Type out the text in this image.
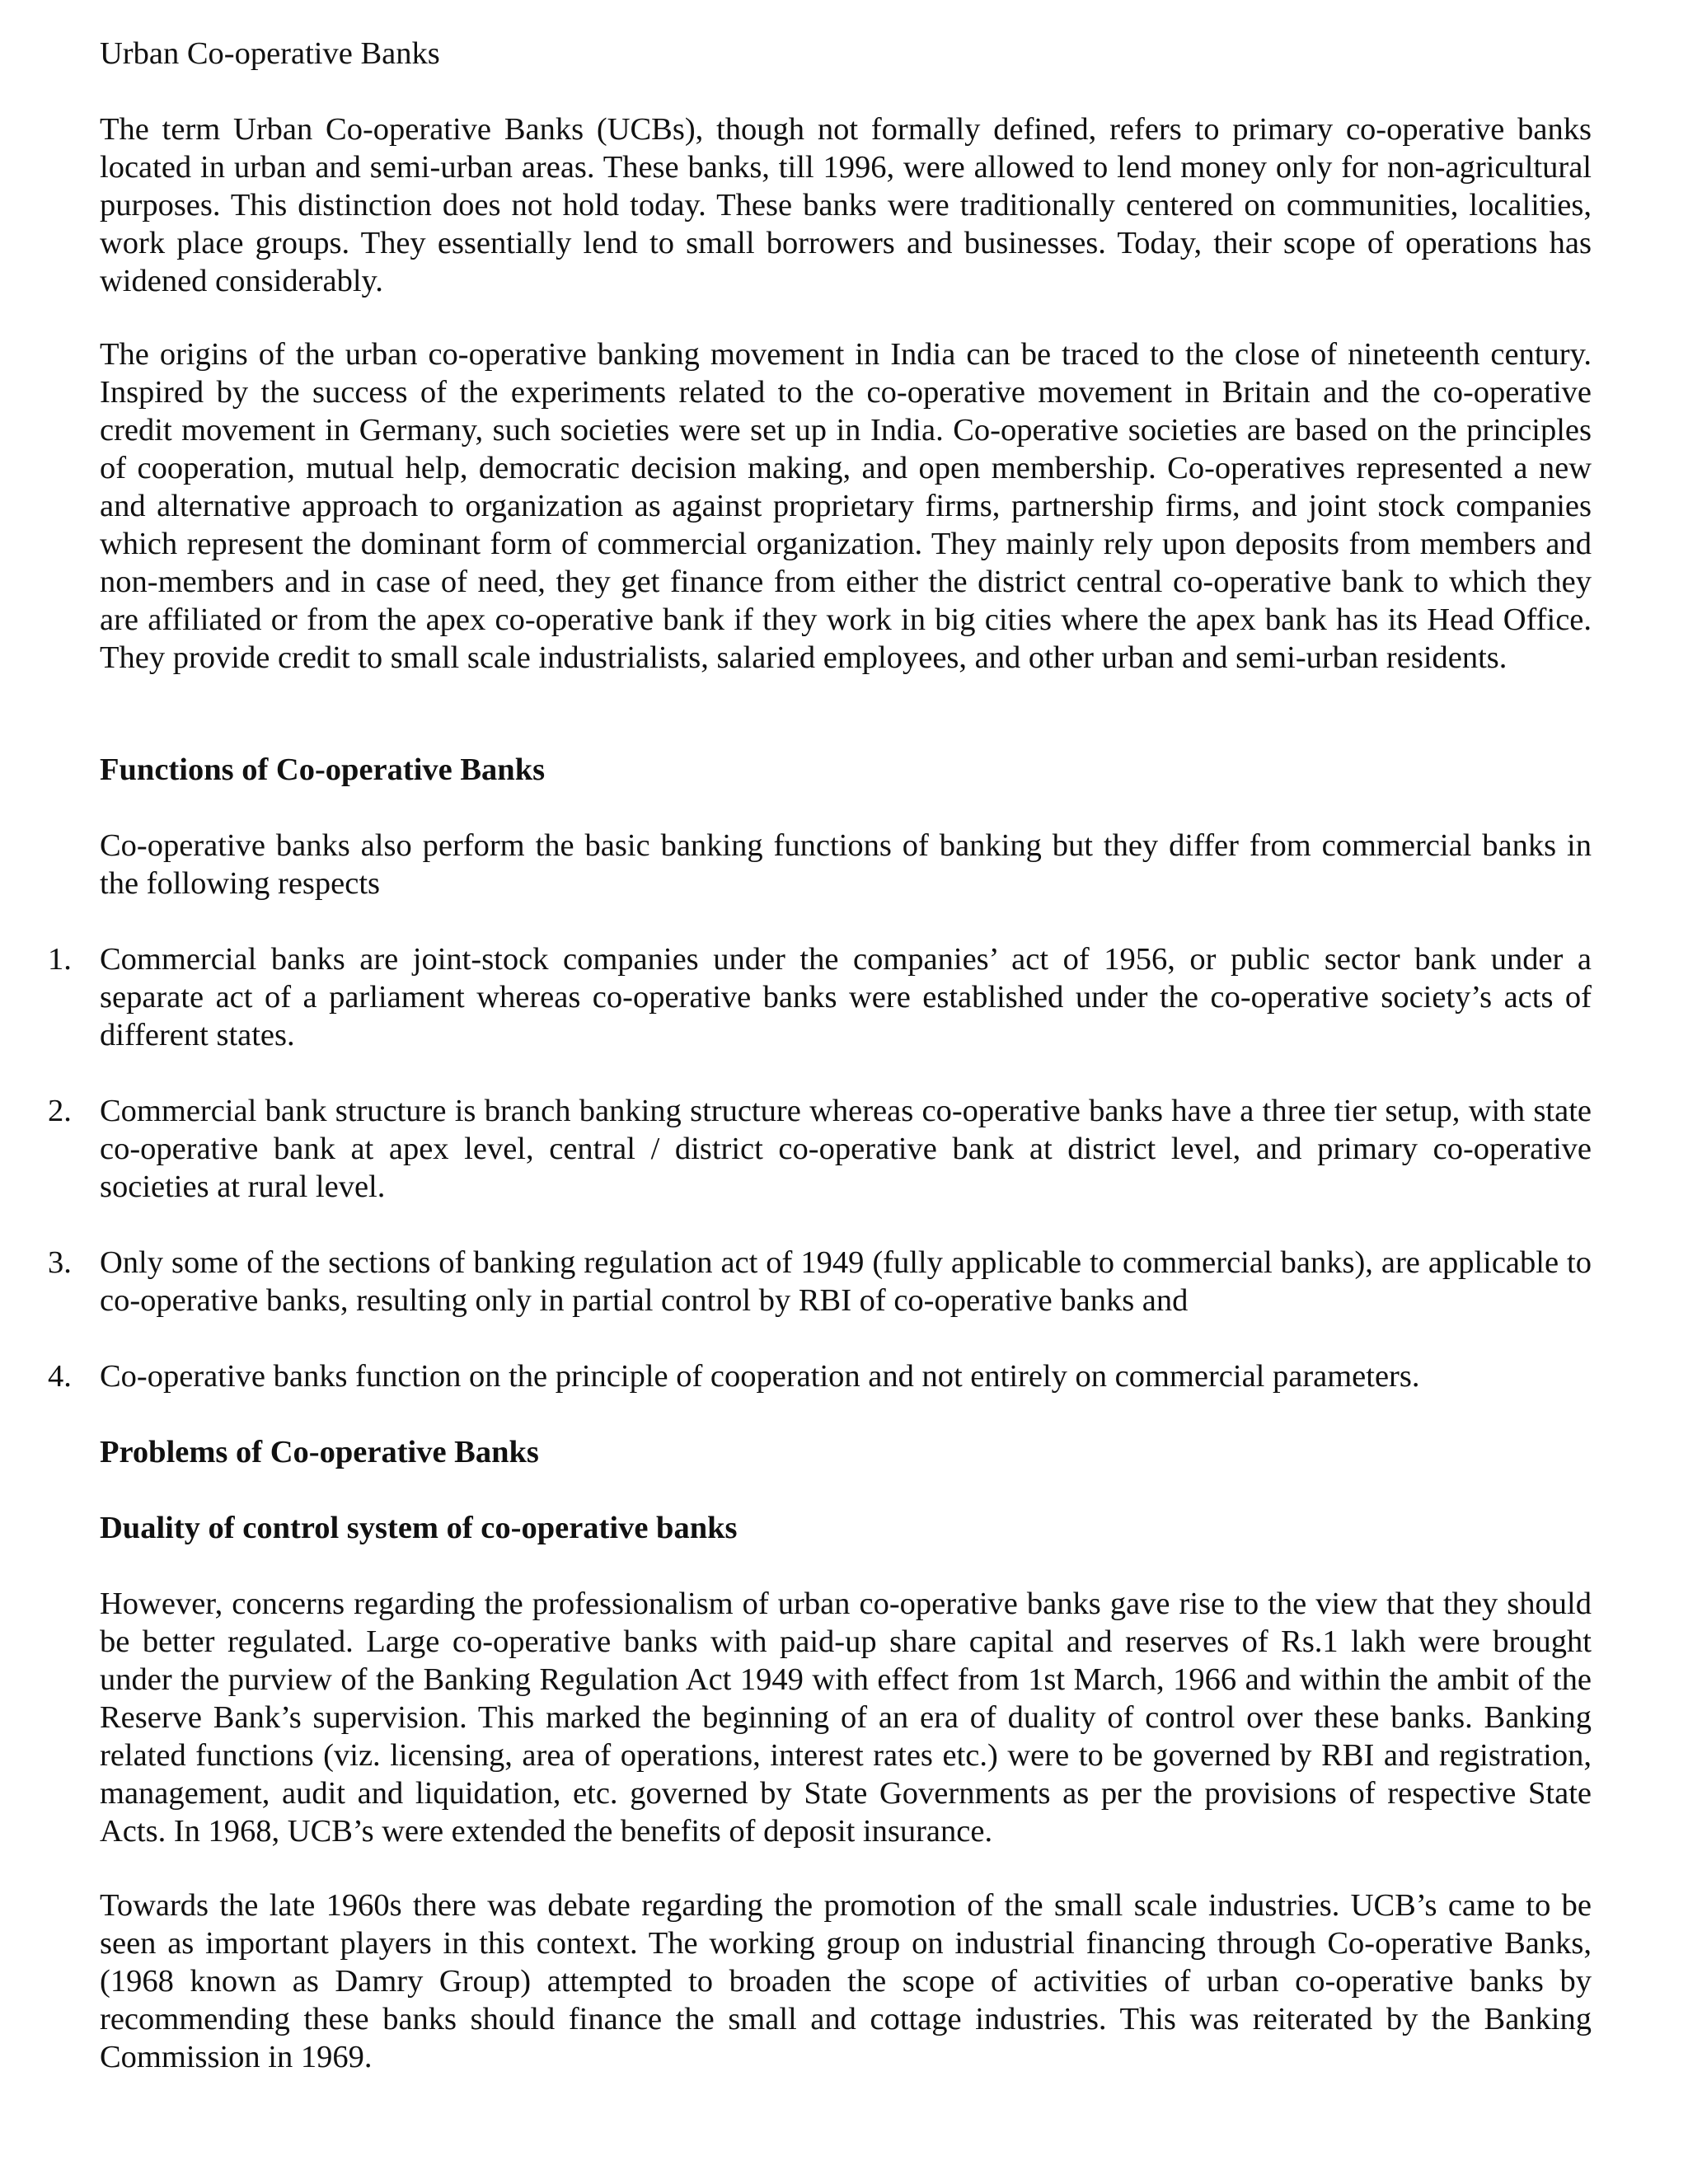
Urban Co-operative Banks

The term Urban Co-operative Banks (UCBs), though not formally defined, refers to primary co-operative banks located in urban and semi-urban areas. These banks, till 1996, were allowed to lend money only for non-agricultural purposes. This distinction does not hold today. These banks were traditionally centered on communities, localities, work place groups. They essentially lend to small borrowers and businesses. Today, their scope of operations has widened considerably.

The origins of the urban co-operative banking movement in India can be traced to the close of nineteenth century. Inspired by the success of the experiments related to the co-operative movement in Britain and the co-operative credit movement in Germany, such societies were set up in India. Co-operative societies are based on the principles of cooperation, mutual help, democratic decision making, and open membership. Co-operatives represented a new and alternative approach to organization as against proprietary firms, partnership firms, and joint stock companies which represent the dominant form of commercial organization. They mainly rely upon deposits from members and non-members and in case of need, they get finance from either the district central co-operative bank to which they are affiliated or from the apex co-operative bank if they work in big cities where the apex bank has its Head Office. They provide credit to small scale industrialists, salaried employees, and other urban and semi-urban residents.

Functions of Co-operative Banks

Co-operative banks also perform the basic banking functions of banking but they differ from commercial banks in the following respects

1. Commercial banks are joint-stock companies under the companies’ act of 1956, or public sector bank under a separate act of a parliament whereas co-operative banks were established under the co-operative society’s acts of different states.
2. Commercial bank structure is branch banking structure whereas co-operative banks have a three tier setup, with state co-operative bank at apex level, central / district co-operative bank at district level, and primary co-operative societies at rural level.
3. Only some of the sections of banking regulation act of 1949 (fully applicable to commercial banks), are applicable to co-operative banks, resulting only in partial control by RBI of co-operative banks and
4. Co-operative banks function on the principle of cooperation and not entirely on commercial parameters.

Problems of Co-operative Banks

Duality of control system of co-operative banks

However, concerns regarding the professionalism of urban co-operative banks gave rise to the view that they should be better regulated. Large co-operative banks with paid-up share capital and reserves of Rs.1 lakh were brought under the purview of the Banking Regulation Act 1949 with effect from 1st March, 1966 and within the ambit of the Reserve Bank’s supervision. This marked the beginning of an era of duality of control over these banks. Banking related functions (viz. licensing, area of operations, interest rates etc.) were to be governed by RBI and registration, management, audit and liquidation, etc. governed by State Governments as per the provisions of respective State Acts. In 1968, UCB’s were extended the benefits of deposit insurance.

Towards the late 1960s there was debate regarding the promotion of the small scale industries. UCB’s came to be seen as important players in this context. The working group on industrial financing through Co-operative Banks, (1968 known as Damry Group) attempted to broaden the scope of activities of urban co-operative banks by recommending these banks should finance the small and cottage industries. This was reiterated by the Banking Commission in 1969.
